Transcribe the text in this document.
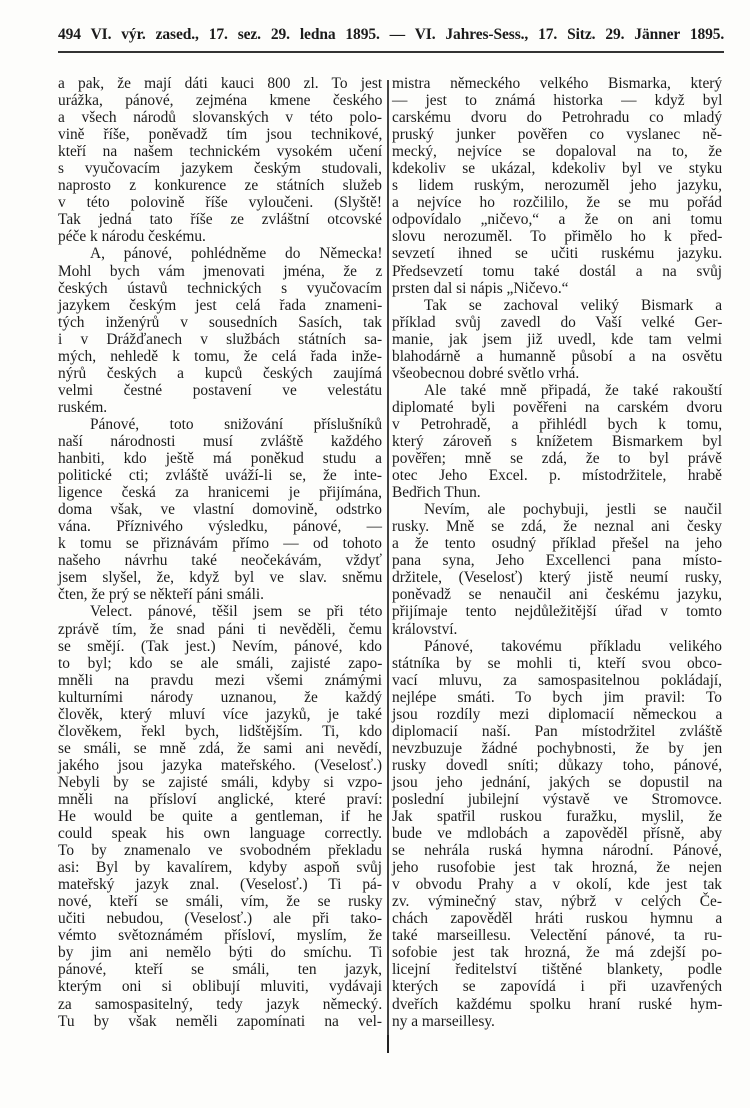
494 VI. výr. zased., 17. sez. 29. ledna 1895. — VI. Jahres-Sess., 17. Sitz. 29. Jänner 1895.
a pak, že mají dáti kauci 800 zl. To jest
urážka, pánové, zejména kmene českého
a všech národů slovanských v této polo-
vině říše, poněvadž tím jsou technikové,
kteří na našem technickém vysokém učení
s vyučovacím jazykem českým studovali,
naprosto z konkurence ze státních služeb
v této polovině říše vyloučeni. (Slyště!
Tak jedná tato říše ze zvláštní otcovské
péče k národu českému.
A, pánové, pohlédněme do Německa!
Mohl bych vám jmenovati jména, že z
českých ústavů technických s vyučovacím
jazykem českým jest celá řada znameni-
tých inženýrů v sousedních Sasích, tak
i v Drážďanech v službách státních sa-
mých, nehledě k tomu, že celá řada inže-
nýrů českých a kupců českých zaujímá
velmi čestné postavení ve velestátu
ruském.
Pánové, toto snižování příslušníků
naší národnosti musí zvláště každého
hanbiti, kdo ještě má poněkud studu a
politické cti; zvláště uváží-li se, že inte-
ligence česká za hranicemi je přijímána,
doma však, ve vlastní domovině, odstrko
vána. Příznivého výsledku, pánové, —
k tomu se přiznávám přímo — od tohoto
našeho návrhu také neočekávám, vždyť
jsem slyšel, že, když byl ve slav. sněmu
čten, že prý se někteří páni smáli.
Velect. pánové, těšil jsem se při této
zprávě tím, že snad páni ti nevěděli, čemu
se smějí. (Tak jest.) Nevím, pánové, kdo
to byl; kdo se ale smáli, zajisté zapo-
mněli na pravdu mezi všemi známými
kulturními národy uznanou, že každý
člověk, který mluví více jazyků, je také
člověkem, řekl bych, lidštějším. Ti, kdo
se smáli, se mně zdá, že sami ani nevědí,
jakého jsou jazyka mateřského. (Veselosť.)
Nebyli by se zajisté smáli, kdyby si vzpo-
mněli na přísloví anglické, které praví:
He would be quite a gentleman, if he
could speak his own language correctly.
To by znamenalo ve svobodném překladu
asi: Byl by kavalírem, kdyby aspoň svůj
mateřský jazyk znal. (Veselosť.) Ti pá-
nové, kteří se smáli, vím, že se rusky
učiti nebudou, (Veselosť.) ale při tako-
vémto světoznámém přísloví, myslím, že
by jim ani nemělo býti do smíchu. Ti
pánové, kteří se smáli, ten jazyk,
kterým oni si oblibují mluviti, vydávaji
za samospasitelný, tedy jazyk německý.
Tu by však neměli zapomínati na vel-
mistra německého velkého Bismarka, který
— jest to známá historka — když byl
carskému dvoru do Petrohradu co mladý
pruský junker pověřen co vyslanec ně-
mecký, nejvíce se dopaloval na to, že
kdekoliv se ukázal, kdekoliv byl ve styku
s lidem ruským, nerozuměl jeho jazyku,
a nejvíce ho rozčililo, že se mu pořád
odpovídalo „ničevo,“ a že on ani tomu
slovu nerozuměl. To přimělo ho k před-
sevzetí ihned se učiti ruskému jazyku.
Předsevzetí tomu také dostál a na svůj
prsten dal si nápis „Ničevo.“
Tak se zachoval veliký Bismark a
příklad svůj zavedl do Vaší velké Ger-
manie, jak jsem již uvedl, kde tam velmi
blahodárně a humanně působí a na osvětu
všeobecnou dobré světlo vrhá.
Ale také mně připadá, že také rakouští
diplomaté byli pověřeni na carském dvoru
v Petrohradě, a přihlédl bych k tomu,
který zároveň s knížetem Bismarkem byl
pověřen; mně se zdá, že to byl právě
otec Jeho Excel. p. místodržitele, hrabě
Bedřich Thun.
Nevím, ale pochybuji, jestli se naučil
rusky. Mně se zdá, že neznal ani česky
a že tento osudný příklad přešel na jeho
pana syna, Jeho Excellenci pana místo-
držitele, (Veselosť) který jistě neumí rusky,
poněvadž se nenaučil ani českému jazyku,
přijímaje tento nejdůležitější úřad v tomto
království.
Pánové, takovému příkladu velikého
státníka by se mohli ti, kteří svou obco-
vací mluvu, za samospasitelnou pokládají,
nejlépe smáti. To bych jim pravil: To
jsou rozdíly mezi diplomacií německou a
diplomacií naší. Pan místodržitel zvláště
nevzbuzuje žádné pochybnosti, že by jen
rusky dovedl sníti; důkazy toho, pánové,
jsou jeho jednání, jakých se dopustil na
poslední jubilejní výstavě ve Stromovce.
Jak spatřil ruskou furažku, myslil, že
bude ve mdlobách a zapověděl přísně, aby
se nehrála ruská hymna národní. Pánové,
jeho rusofobie jest tak hrozná, že nejen
v obvodu Prahy a v okolí, kde jest tak
zv. výminečný stav, nýbrž v celých Če-
chách zapověděl hráti ruskou hymnu a
také marseillesu. Velectění pánové, ta ru-
sofobie jest tak hrozná, že má zdejší po-
licejní ředitelství tištěné blankety, podle
kterých se zapovídá i při uzavřených
dveřích každému spolku hraní ruské hym-
ny a marseillesy.
